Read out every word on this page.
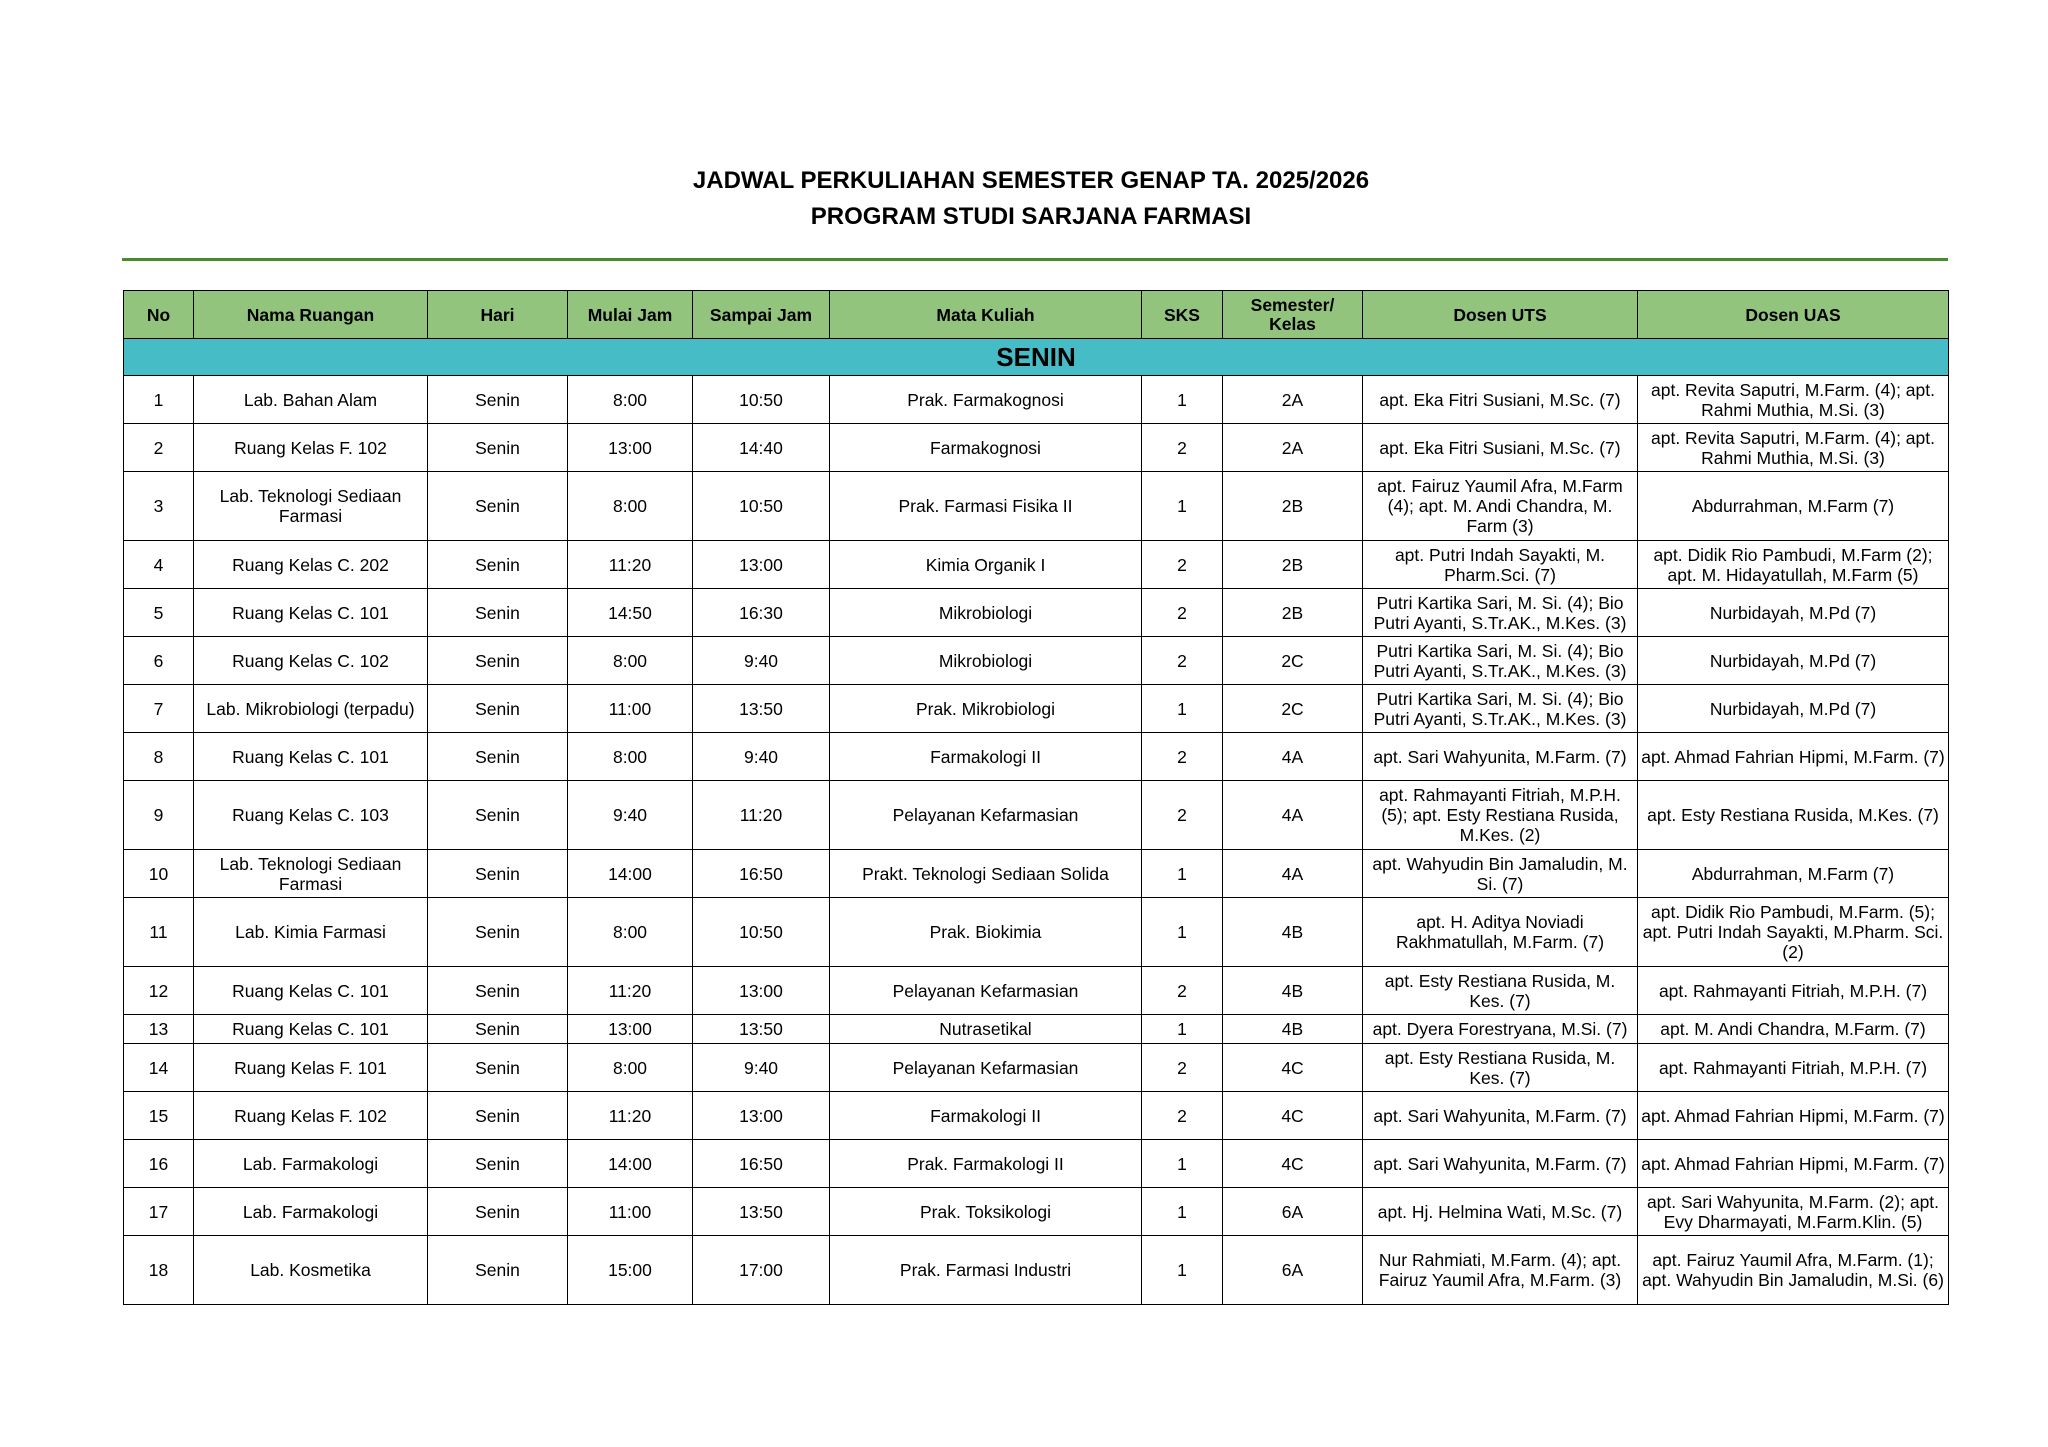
JADWAL PERKULIAHAN SEMESTER GENAP TA. 2025/2026

PROGRAM STUDI SARJANA FARMASI

No	Nama Ruangan	Hari	Mulai Jam	Sampai Jam	Mata Kuliah	SKS	Semester/ Kelas	Dosen UTS	Dosen UAS
SENIN									
1	Lab. Bahan Alam	Senin	8:00	10:50	Prak. Farmakognosi	1	2A	apt. Eka Fitri Susiani, M.Sc. (7)	apt. Revita Saputri, M.Farm. (4); apt. Rahmi Muthia, M.Si. (3)
2	Ruang Kelas F. 102	Senin	13:00	14:40	Farmakognosi	2	2A	apt. Eka Fitri Susiani, M.Sc. (7)	apt. Revita Saputri, M.Farm. (4); apt. Rahmi Muthia, M.Si. (3)
3	Lab. Teknologi Sediaan Farmasi	Senin	8:00	10:50	Prak. Farmasi Fisika II	1	2B	apt. Fairuz Yaumil Afra, M.Farm (4); apt. M. Andi Chandra, M. Farm (3)	Abdurrahman, M.Farm (7)
4	Ruang Kelas C. 202	Senin	11:20	13:00	Kimia Organik I	2	2B	apt. Putri Indah Sayakti, M. Pharm.Sci. (7)	apt. Didik Rio Pambudi, M.Farm (2); apt. M. Hidayatullah, M.Farm (5)
5	Ruang Kelas C. 101	Senin	14:50	16:30	Mikrobiologi	2	2B	Putri Kartika Sari, M. Si. (4); Bio Putri Ayanti, S.Tr.AK., M.Kes. (3)	Nurbidayah, M.Pd (7)
6	Ruang Kelas C. 102	Senin	8:00	9:40	Mikrobiologi	2	2C	Putri Kartika Sari, M. Si. (4); Bio Putri Ayanti, S.Tr.AK., M.Kes. (3)	Nurbidayah, M.Pd (7)
7	Lab. Mikrobiologi (terpadu)	Senin	11:00	13:50	Prak. Mikrobiologi	1	2C	Putri Kartika Sari, M. Si. (4); Bio Putri Ayanti, S.Tr.AK., M.Kes. (3)	Nurbidayah, M.Pd (7)
8	Ruang Kelas C. 101	Senin	8:00	9:40	Farmakologi II	2	4A	apt. Sari Wahyunita, M.Farm. (7)	apt. Ahmad Fahrian Hipmi, M.Farm. (7)
9	Ruang Kelas C. 103	Senin	9:40	11:20	Pelayanan Kefarmasian	2	4A	apt. Rahmayanti Fitriah, M.P.H. (5); apt. Esty Restiana Rusida, M.Kes. (2)	apt. Esty Restiana Rusida, M.Kes. (7)
10	Lab. Teknologi Sediaan Farmasi	Senin	14:00	16:50	Prakt. Teknologi Sediaan Solida	1	4A	apt. Wahyudin Bin Jamaludin, M. Si. (7)	Abdurrahman, M.Farm (7)
11	Lab. Kimia Farmasi	Senin	8:00	10:50	Prak. Biokimia	1	4B	apt. H. Aditya Noviadi Rakhmatullah, M.Farm. (7)	apt. Didik Rio Pambudi, M.Farm. (5); apt. Putri Indah Sayakti, M.Pharm. Sci. (2)
12	Ruang Kelas C. 101	Senin	11:20	13:00	Pelayanan Kefarmasian	2	4B	apt. Esty Restiana Rusida, M. Kes. (7)	apt. Rahmayanti Fitriah, M.P.H. (7)
13	Ruang Kelas C. 101	Senin	13:00	13:50	Nutrasetikal	1	4B	apt. Dyera Forestryana, M.Si. (7)	apt. M. Andi Chandra, M.Farm. (7)
14	Ruang Kelas F. 101	Senin	8:00	9:40	Pelayanan Kefarmasian	2	4C	apt. Esty Restiana Rusida, M. Kes. (7)	apt. Rahmayanti Fitriah, M.P.H. (7)
15	Ruang Kelas F. 102	Senin	11:20	13:00	Farmakologi II	2	4C	apt. Sari Wahyunita, M.Farm. (7)	apt. Ahmad Fahrian Hipmi, M.Farm. (7)
16	Lab. Farmakologi	Senin	14:00	16:50	Prak. Farmakologi II	1	4C	apt. Sari Wahyunita, M.Farm. (7)	apt. Ahmad Fahrian Hipmi, M.Farm. (7)
17	Lab. Farmakologi	Senin	11:00	13:50	Prak. Toksikologi	1	6A	apt. Hj. Helmina Wati, M.Sc. (7)	apt. Sari Wahyunita, M.Farm. (2); apt. Evy Dharmayati, M.Farm.Klin. (5)
18	Lab. Kosmetika	Senin	15:00	17:00	Prak. Farmasi Industri	1	6A	Nur Rahmiati, M.Farm. (4); apt. Fairuz Yaumil Afra, M.Farm. (3)	apt. Fairuz Yaumil Afra, M.Farm. (1); apt. Wahyudin Bin Jamaludin, M.Si. (6)
